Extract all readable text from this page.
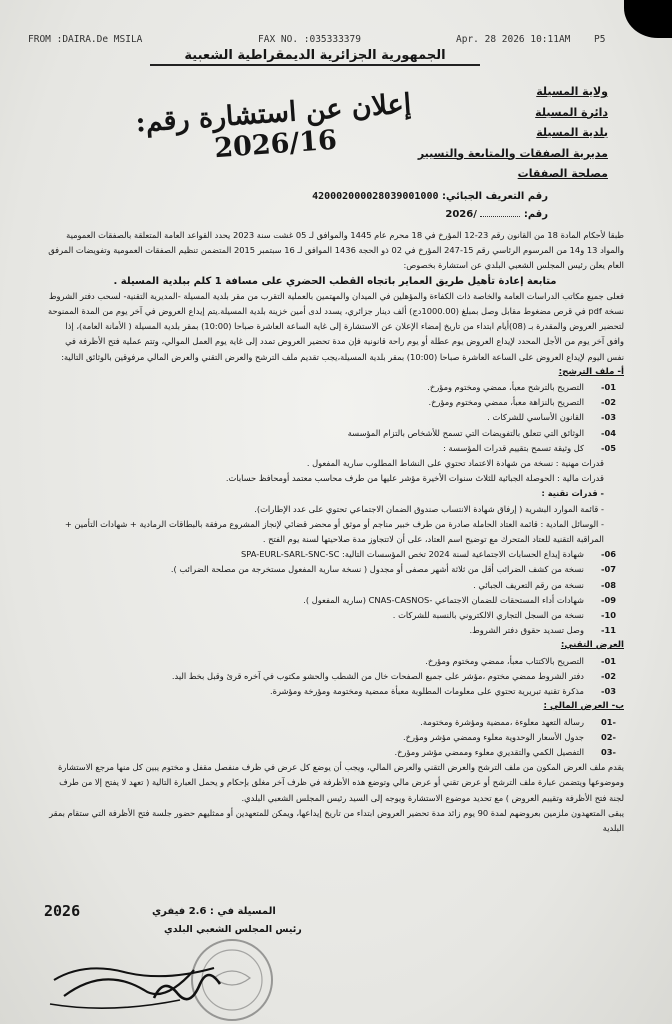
FROM :DAIRA.De MSILA	FAX NO. :035333379	Apr. 28 2026 10:11AM P5
الجمهورية الجزائرية الديمقراطية الشعبية
ولاية المسيلة
دائرة المسيلة
بلدية المسيلة
مديرية الصفقات والمتابعة والتسيير
مصلحة الصفقات
إعلان عن استشارة رقم: 2026/16
رقم التعريف الجبائي: 420002000028039001000
رقم:  /2026

طبقا لأحكام المادة 18 من القانون رقم 23-12 المؤرخ في 18 محرم عام 1445 والموافق لـ 05 غشت سنة 2023 يحدد القواعد العامة المتعلقة بالصفقات العمومية والمواد 13 و14 من المرسوم الرئاسي رقم 15-247 المؤرخ في 02 ذو الحجة 1436 الموافق لـ 16 سبتمبر 2015 المتضمن تنظيم الصفقات العمومية وتفويضات المرفق العام يعلن رئيس المجلس الشعبي البلدي عن استشارة بخصوص:

متابعة إعادة تأهيل طريق العماير باتجاه القطب الحضري على مسافة 1 كلم ببلدية المسيلة .

فعلى جميع مكاتب الدراسات العامة والخاصة ذات الكفاءة والمؤهلين في الميدان والمهتمين بالعملية التقرب من مقر بلدية المسيلة -المديرية التقنية- لسحب دفتر الشروط نسخة pdf في قرص مضغوط مقابل وصل بمبلغ (1000.00دج) ألف دينار جزائري، يسدد لدى أمين خزينة بلدية المسيلة.يتم إيداع العروض في آخر يوم من المدة الممنوحة لتحضير العروض والمقدرة بـ (08)أيام ابتداء من تاريخ إمضاء الإعلان عن الاستشارة إلى غاية الساعة العاشرة صباحا (10:00) بمقر بلدية المسيلة ( الأمانة العامة)، إذا وافق آخر يوم من الأجل المحدد لإيداع العروض يوم عطلة أو يوم راحة قانونية فإن مدة تحضير العروض تمدد إلى غاية يوم العمل الموالي، وتتم عملية فتح الأظرفة في نفس اليوم لإيداع العروض على الساعة العاشرة صباحا (10:00) بمقر بلدية المسيلة،يجب تقديم ملف الترشح والعرض التقني والعرض المالي مرفوقين بالوثائق التالية:

أ- ملف الترشح:
01-
التصريح بالترشح معبأ، ممضي ومختوم ومؤرخ.
02-
التصريح بالنزاهة معبأ، ممضي ومختوم ومؤرخ.
03-
القانون الأساسي للشركات .
04-
الوثائق التي تتعلق بالتفويضات التي تسمح للأشخاص بالتزام المؤسسة
05-
كل وثيقة تسمح بتقييم قدرات المؤسسة :
قدرات مهنية : نسخة من شهادة الاعتماد تحتوي على النشاط المطلوب سارية المفعول .
قدرات مالية : الحوصلة الجبائية للثلاث سنوات الأخيرة مؤشر عليها من طرف محاسب معتمد أومحافظ حسابات.
- قدرات تقنية :
- قائمة الموارد البشرية ( إرفاق شهادة الانتساب صندوق الضمان الاجتماعي تحتوي على عدد الإطارات).
- الوسائل المادية : قائمة العتاد الحاملة صادرة من طرف خبير مناجم أو موثق أو محضر قضائي لإنجاز المشروع مرفقة بالبطاقات الرمادية + شهادات التأمين + المراقبة التقنية للعتاد المتحرك مع توضيح اسم العتاد، على أن لاتتجاوز مدة صلاحيتها لسنة يوم الفتح .
06-
شهادة إيداع الحسابات الاجتماعية لسنة 2024 تخص المؤسسات التالية: SPA-EURL-SARL-SNC-SC
07-
نسخة من كشف الضرائب أقل من ثلاثة أشهر مصفى أو مجدول ( نسخة سارية المفعول مستخرجة من مصلحة الضرائب ).
08-
نسخة من رقم التعريف الجبائي .
09-
شهادات أداء المستحقات للضمان الاجتماعي -CNAS-CASNOS (سارية المفعول ).
10-
نسخة من السجل التجاري الالكتروني بالنسبة للشركات .
11-
وصل تسديد حقوق دفتر الشروط.
العرض التقني:
01-
التصريح بالاكتتاب معبأ، ممضي ومختوم ومؤرخ.
02-
دفتر الشروط ممضي مختوم ،مؤشر على جميع الصفحات خال من الشطب والحشو مكتوب في آخره قرئ وقبل بخط اليد.
03-
مذكرة تقنية تبريرية تحتوي على معلومات المطلوبة معبأة ممضية ومختومة ومؤرخة ومؤشرة.
ب- العرض المالي :
-01
رسالة التعهد معلوءة ،ممضية ومؤشرة ومختومة.
-02
جدول الأسعار الوحدوية معلوء وممضي مؤشر ومؤرخ.
-03
التفصيل الكمي والتقديري معلوء وممضي مؤشر ومؤرخ.

يقدم ملف العرض المكون من ملف الترشح والعرض التقني والعرض المالي، ويجب أن يوضع كل عرض في ظرف منفصل مقفل و مختوم يبين كل منها مرجع الاستشارة وموضوعها ويتضمن عبارة ملف الترشح أو عرض تقني أو عرض مالي وتوضع هذه الأظرفة في ظرف آخر مغلق بإحكام و يحمل العبارة التالية ( تعهد لا يفتح إلا من طرف لجنة فتح الأظرفة وتقييم العروض ) مع تحديد موضوع الاستشارة ويوجه إلى السيد رئيس المجلس الشعبي البلدي.

يبقى المتعهدون ملزمين بعروضهم لمدة 90 يوم زائد مدة تحضير العروض ابتداء من تاريخ إيداعها، ويمكن للمتعهدين أو ممثليهم حضور جلسة فتح الأظرفة التي ستقام بمقر البلدية

2026	المسيلة في : 2.6 فيفري
رئيس المجلس الشعبي البلدي
